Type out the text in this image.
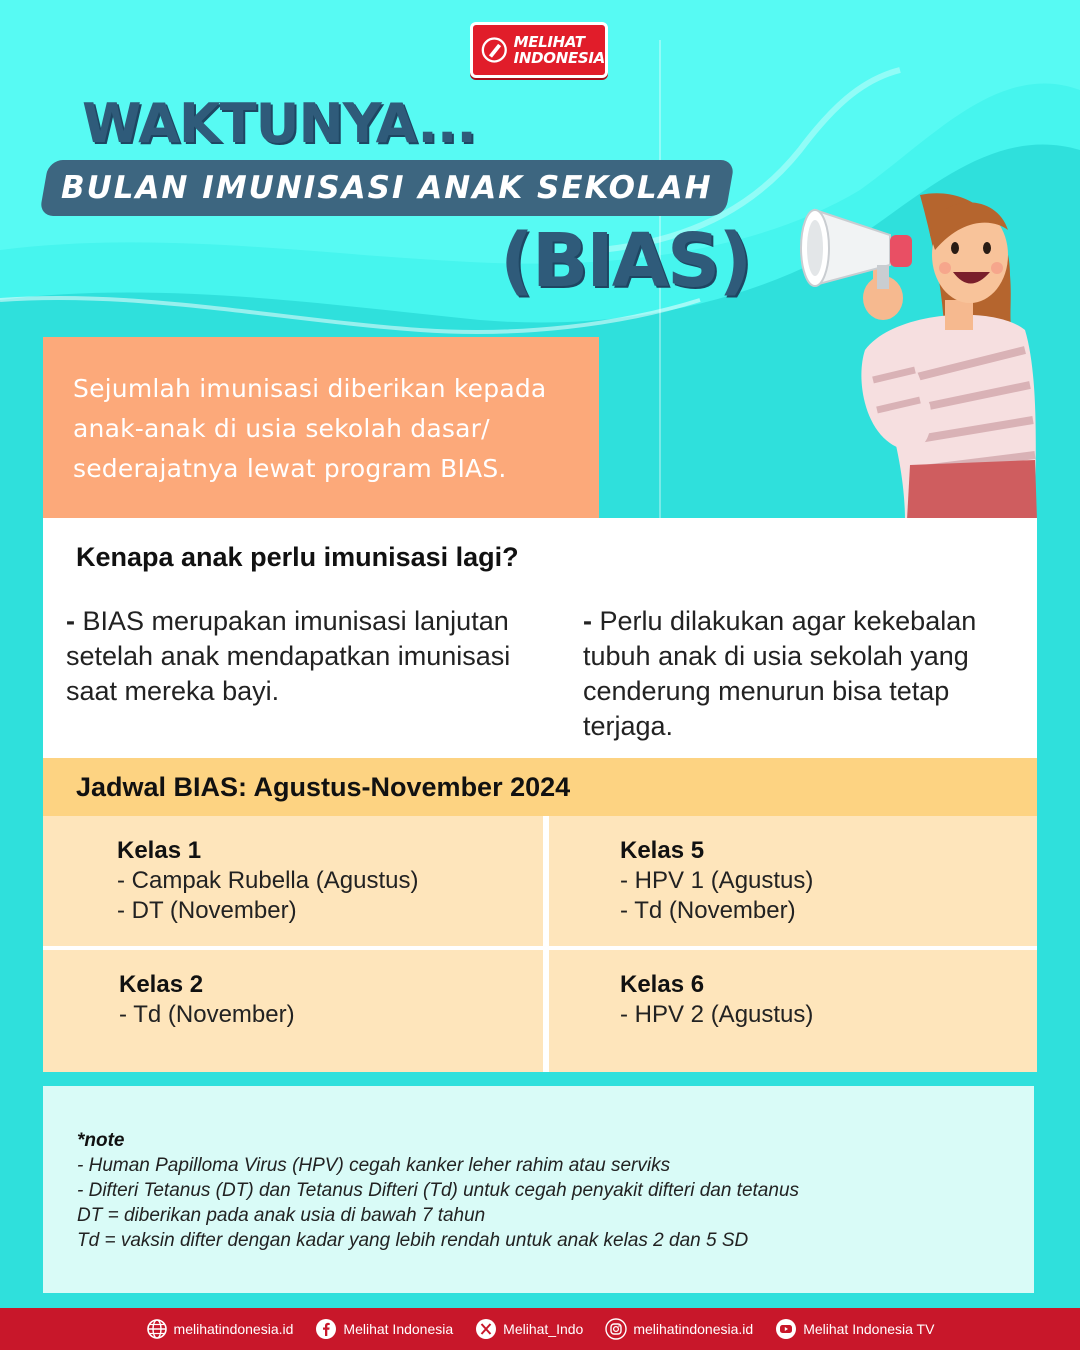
MELIHAT
INDONESIA
WAKTUNYA...
BULAN IMUNISASI ANAK SEKOLAH
(BIAS)
Sejumlah imunisasi diberikan kepada
anak-anak di usia sekolah dasar/
sederajatnya lewat program BIAS.
Kenapa anak perlu imunisasi lagi?
- BIAS merupakan imunisasi lanjutan setelah anak mendapatkan imunisasi saat mereka bayi.
- Perlu dilakukan agar kekebalan tubuh anak di usia sekolah yang cenderung menurun bisa tetap terjaga.
Jadwal BIAS: Agustus-November 2024
Kelas 1
- Campak Rubella (Agustus)
- DT (November)
Kelas 5
- HPV 1 (Agustus)
- Td (November)
Kelas 2
- Td (November)
Kelas 6
- HPV 2 (Agustus)
*note
- Human Papilloma Virus (HPV) cegah kanker leher rahim atau serviks
- Difteri Tetanus (DT) dan Tetanus Difteri (Td) untuk cegah penyakit difteri dan tetanus
DT = diberikan pada anak usia di bawah 7 tahun
Td = vaksin difter dengan kadar yang lebih rendah untuk anak kelas 2 dan 5 SD
melihatindonesia.id	Melihat Indonesia	Melihat_Indo	melihatindonesia.id	Melihat Indonesia TV
